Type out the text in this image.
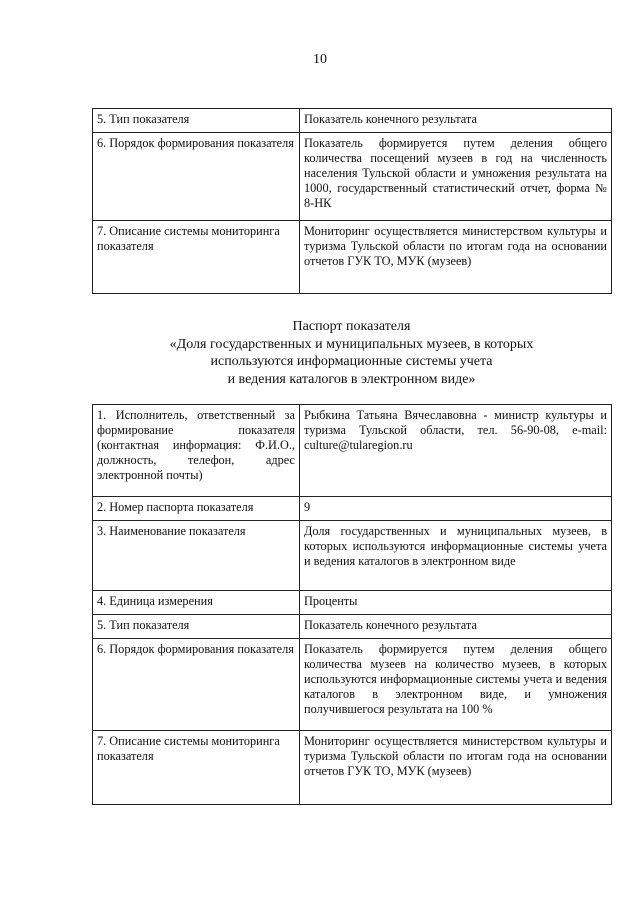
10
5. Тип показателя	Показатель конечного результата
6. Порядок формирования показателя	Показатель формируется путем деления общего количества посещений музеев в год на численность населения Тульской области и умножения результата на 1000, государственный статистический отчет, форма № 8-НК
7. Описание системы мониторинга показателя	Мониторинг осуществляется министерством культуры и туризма Тульской области по итогам года на основании отчетов ГУК ТО, МУК (музеев)
Паспорт показателя
«Доля государственных и муниципальных музеев, в которых
используются информационные системы учета
и ведения каталогов в электронном виде»
1. Исполнитель, ответственный за формирование показателя (контактная информация: Ф.И.О., должность, телефон, адрес электронной почты)	Рыбкина Татьяна Вячеславовна - министр культуры и туризма Тульской области, тел. 56-90-08, e-mail: culture@tularegion.ru
2. Номер паспорта показателя	9
3. Наименование показателя	Доля государственных и муниципальных музеев, в которых используются информационные системы учета и ведения каталогов в электронном виде
4. Единица измерения	Проценты
5. Тип показателя	Показатель конечного результата
6. Порядок формирования показателя	Показатель формируется путем деления общего количества музеев на количество музеев, в которых используются информационные системы учета и ведения каталогов в электронном виде, и умножения получившегося результата на 100 %
7. Описание системы мониторинга показателя	Мониторинг осуществляется министерством культуры и туризма Тульской области по итогам года на основании отчетов ГУК ТО, МУК (музеев)
